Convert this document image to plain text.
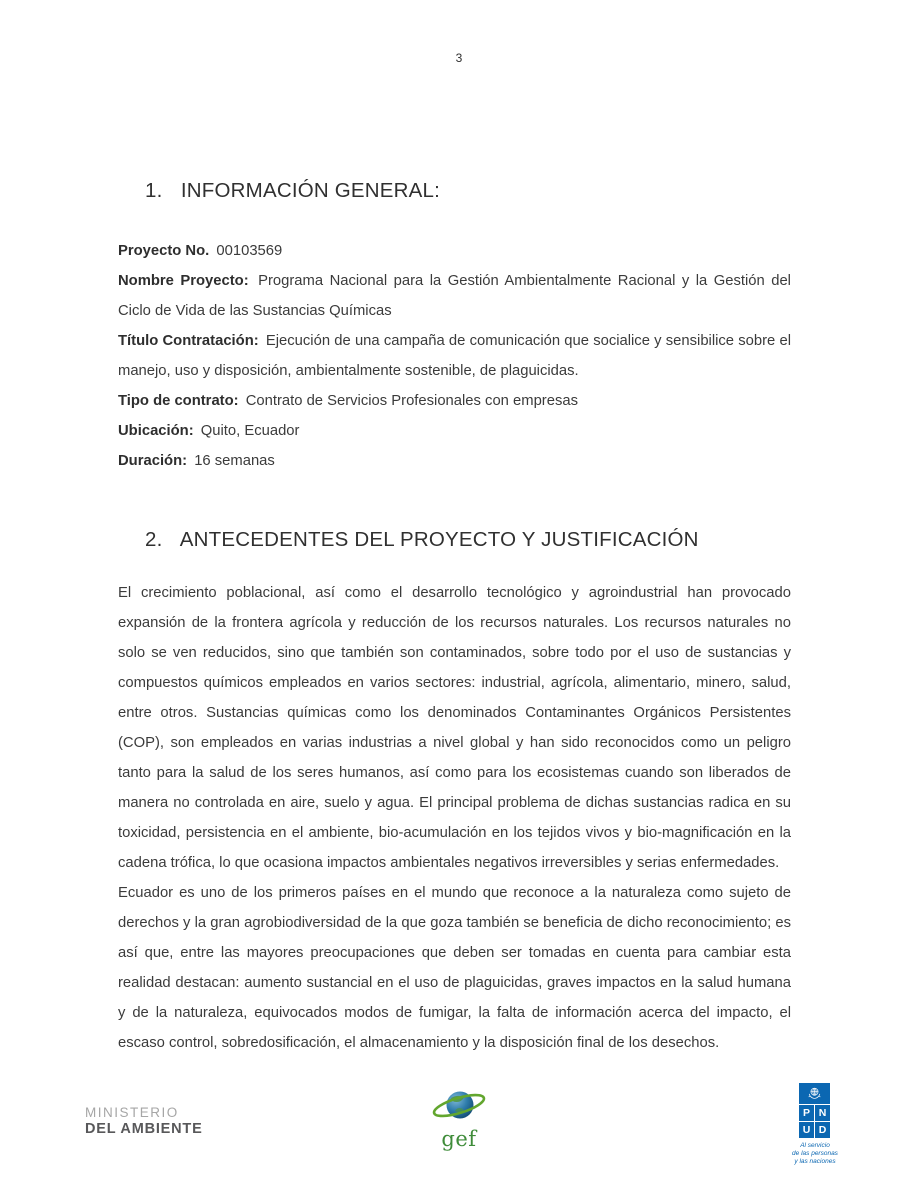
3
1. INFORMACIÓN GENERAL:

Proyecto No. 00103569

Nombre Proyecto: Programa Nacional para la Gestión Ambientalmente Racional y la Gestión del Ciclo de Vida de las Sustancias Químicas

Título Contratación: Ejecución de una campaña de comunicación que socialice y sensibilice sobre el manejo, uso y disposición, ambientalmente sostenible, de plaguicidas.

Tipo de contrato: Contrato de Servicios Profesionales con empresas

Ubicación: Quito, Ecuador

Duración: 16 semanas

2. ANTECEDENTES DEL PROYECTO Y JUSTIFICACIÓN

El crecimiento poblacional, así como el desarrollo tecnológico y agroindustrial han provocado expansión de la frontera agrícola y reducción de los recursos naturales. Los recursos naturales no solo se ven reducidos, sino que también son contaminados, sobre todo por el uso de sustancias y compuestos químicos empleados en varios sectores: industrial, agrícola, alimentario, minero, salud, entre otros. Sustancias químicas como los denominados Contaminantes Orgánicos Persistentes (COP), son empleados en varias industrias a nivel global y han sido reconocidos como un peligro tanto para la salud de los seres humanos, así como para los ecosistemas cuando son liberados de manera no controlada en aire, suelo y agua. El principal problema de dichas sustancias radica en su toxicidad, persistencia en el ambiente, bio-acumulación en los tejidos vivos y bio-magnificación en la cadena trófica, lo que ocasiona impactos ambientales negativos irreversibles y serias enfermedades.

Ecuador es uno de los primeros países en el mundo que reconoce a la naturaleza como sujeto de derechos y la gran agrobiodiversidad de la que goza también se beneficia de dicho reconocimiento; es así que, entre las mayores preocupaciones que deben ser tomadas en cuenta para cambiar esta realidad destacan: aumento sustancial en el uso de plaguicidas, graves impactos en la salud humana y de la naturaleza, equivocados modos de fumigar, la falta de información acerca del impacto, el escaso control, sobredosificación, el almacenamiento y la disposición final de los desechos.

MINISTERIO
DEL AMBIENTE	gef
P N
U D
Al servicio
de las personas
y las naciones
